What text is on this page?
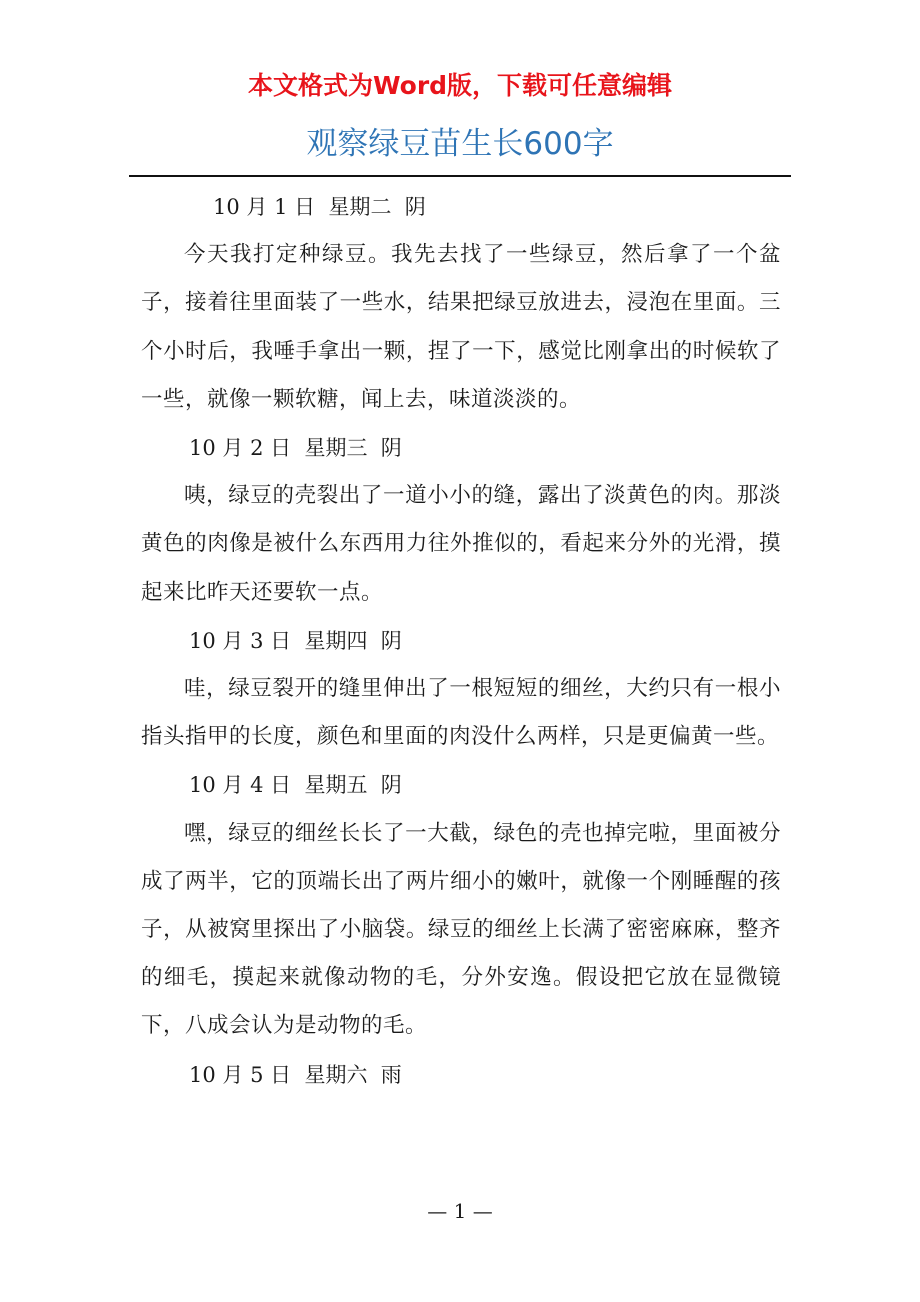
本文格式为Word版，下载可任意编辑
观察绿豆苗生长600字

10 月 1 日  星期二  阴

今天我打定种绿豆。我先去找了一些绿豆，然后拿了一个盆子，接着往里面装了一些水，结果把绿豆放进去，浸泡在里面。三个小时后，我唾手拿出一颗，捏了一下，感觉比刚拿出的时候软了一些，就像一颗软糖，闻上去，味道淡淡的。

10 月 2 日  星期三  阴

咦，绿豆的壳裂出了一道小小的缝，露出了淡黄色的肉。那淡黄色的肉像是被什么东西用力往外推似的，看起来分外的光滑，摸起来比昨天还要软一点。

10 月 3 日  星期四  阴

哇，绿豆裂开的缝里伸出了一根短短的细丝，大约只有一根小指头指甲的长度，颜色和里面的肉没什么两样，只是更偏黄一些。

10 月 4 日  星期五  阴

嘿，绿豆的细丝长长了一大截，绿色的壳也掉完啦，里面被分成了两半，它的顶端长出了两片细小的嫩叶，就像一个刚睡醒的孩子，从被窝里探出了小脑袋。绿豆的细丝上长满了密密麻麻，整齐的细毛，摸起来就像动物的毛，分外安逸。假设把它放在显微镜下，八成会认为是动物的毛。

10 月 5 日  星期六  雨

— 1 —
